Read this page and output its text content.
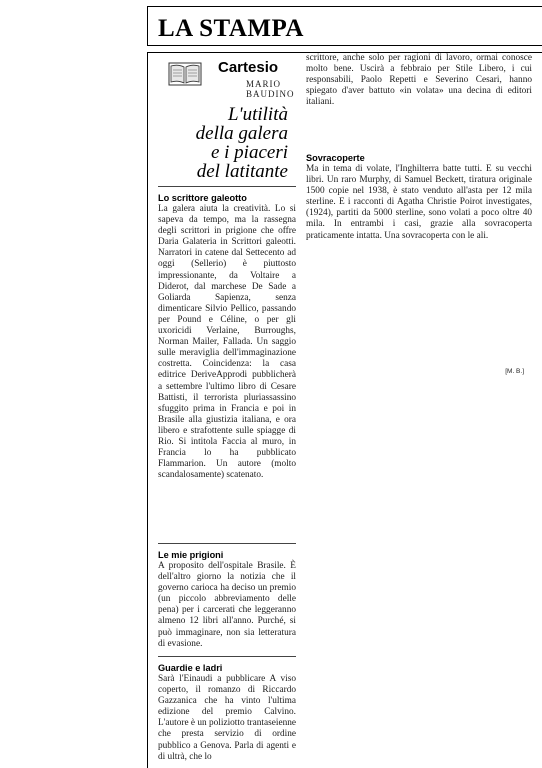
LA STAMPA
Cartesio
MARIO
BAUDINO
L'utilità
della galera
e i piaceri
del latitante
Lo scrittore galeotto

La galera aiuta la creatività. Lo si sapeva da tempo, ma la rassegna degli scrittori in prigione che offre Daria Galateria in Scrittori galeotti. Narratori in catene dal Settecento ad oggi (Sellerio) è piuttosto impressionante, da Voltaire a Diderot, dal marchese De Sade a Goliarda Sapienza, senza dimenticare Silvio Pellico, passando per Pound e Céline, o per gli uxoricidi Verlaine, Burroughs, Norman Mailer, Falladа. Un saggio sulle meraviglia dell'immaginazione costretta. Coincidenza: la casa editrice DeriveApprodi pubblicherà a settembre l'ultimo libro di Cesare Battisti, il terrorista pluriassassino sfuggito prima in Francia e poi in Brasile alla giustizia italiana, e ora libero e strafottente sulle spiagge di Rio. Si intitola Faccia al muro, in Francia lo ha pubblicato Flammarion. Un autore (molto scandalosamente) scatenato.

Le mie prigioni

A proposito dell'ospitale Brasile. È dell'altro giorno la notizia che il governo carioca ha deciso un premio (un piccolo abbreviamento delle pena) per i carcerati che leggeranno almeno 12 libri all'anno. Purché, si può immaginare, non sia letteratura di evasione.

Guardie e ladri

Sarà l'Einaudi a pubblicare A viso coperto, il romanzo di Riccardo Gazzanica che ha vinto l'ultima edizione del premio Calvino. L'autore è un poliziotto trantaseienne che presta servizio di ordine pubblico a Genova. Parla di agenti e di ultrà, che lo

scrittore, anche solo per ragioni di lavoro, ormai conosce molto bene. Uscirà a febbraio per Stile Libero, i cui responsabili, Paolo Repetti e Severino Cesari, hanno spiegato d'aver battuto «in volata» una decina di editori italiani.

Sovracoperte

Ma in tema di volate, l'Inghilterra batte tutti. E su vecchi libri. Un raro Murphy, di Samuel Beckett, tiratura originale 1500 copie nel 1938, è stato venduto all'asta per 12 mila sterline. E i racconti di Agatha Christie Poirot investigates, (1924), partiti da 5000 sterline, sono volati a poco oltre 40 mila. In entrambi i casi, grazie alla sovracoperta praticamente intatta. Una sovracoperta con le ali.

[M. B.]
